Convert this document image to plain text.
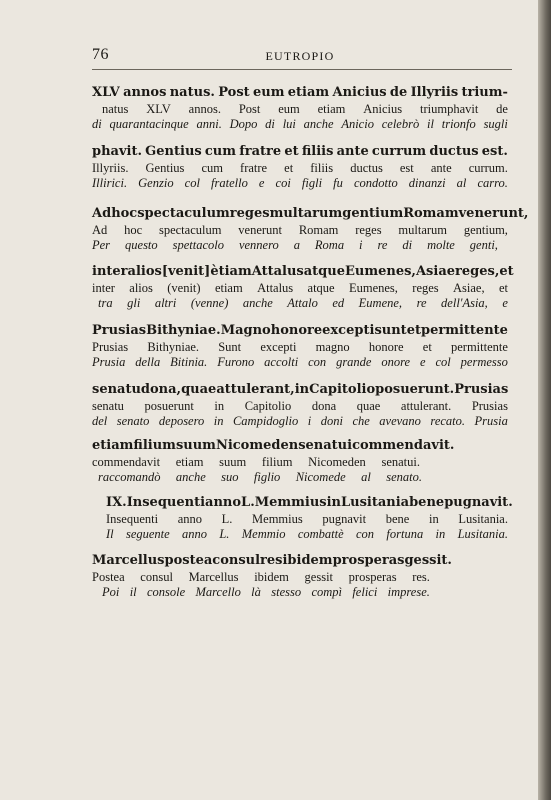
76	EUTROPIO
XLV annos natus. Post eum etiam Anicius de Illyriis trium-
natus XLV annos. Post eum etiam Anicius triumphavit de
di quarantacinque anni. Dopo di lui anche Anicio celebrò il trionfo sugli
phavit. Gentius cum fratre et filiis ante currum ductus est.
Illyriis. Gentius cum fratre et filiis ductus est ante currum.
Illirici. Genzio col fratello e coi figli fu condotto dinanzi al carro.
Ad hoc spectaculum reges multarum gentium Romam venerunt,
Ad hoc spectaculum venerunt Romam reges multarum gentium,
Per questo spettacolo vennero a Roma i re di molte genti,
inter alios [venit] ètiam Attalus atque Eumenes, Asiae reges, et
inter alios (venit) etiam Attalus atque Eumenes, reges Asiae, et
tra gli altri (venne) anche Attalo ed Eumene, re dell'Asia, e
Prusias Bithyniae. Magno honore excepti sunt et permittente
Prusias Bithyniae. Sunt excepti magno honore et permittente
Prusia della Bitinia. Furono accolti con grande onore e col permesso
senatu dona, quae attulerant, in Capitolio posuerunt. Prusias
senatu posuerunt in Capitolio dona quae attulerant. Prusias
del senato deposero in Campidoglio i doni che avevano recato. Prusia
etiam filium suum Nicomeden senatui commendavit.
commendavit etiam suum filium Nicomeden senatui.
raccomandò anche suo figlio Nicomede al senato.
IX. Insequenti anno L. Memmius in Lusitania bene pugnavit.
Insequenti anno L. Memmius pugnavit bene in Lusitania.
Il seguente anno L. Memmio combattè con fortuna in Lusitania.
Marcellus postea consul res ibidem prosperas gessit.
Postea consul Marcellus ibidem gessit prosperas res.
Poi il console Marcello là stesso compì felici imprese.
